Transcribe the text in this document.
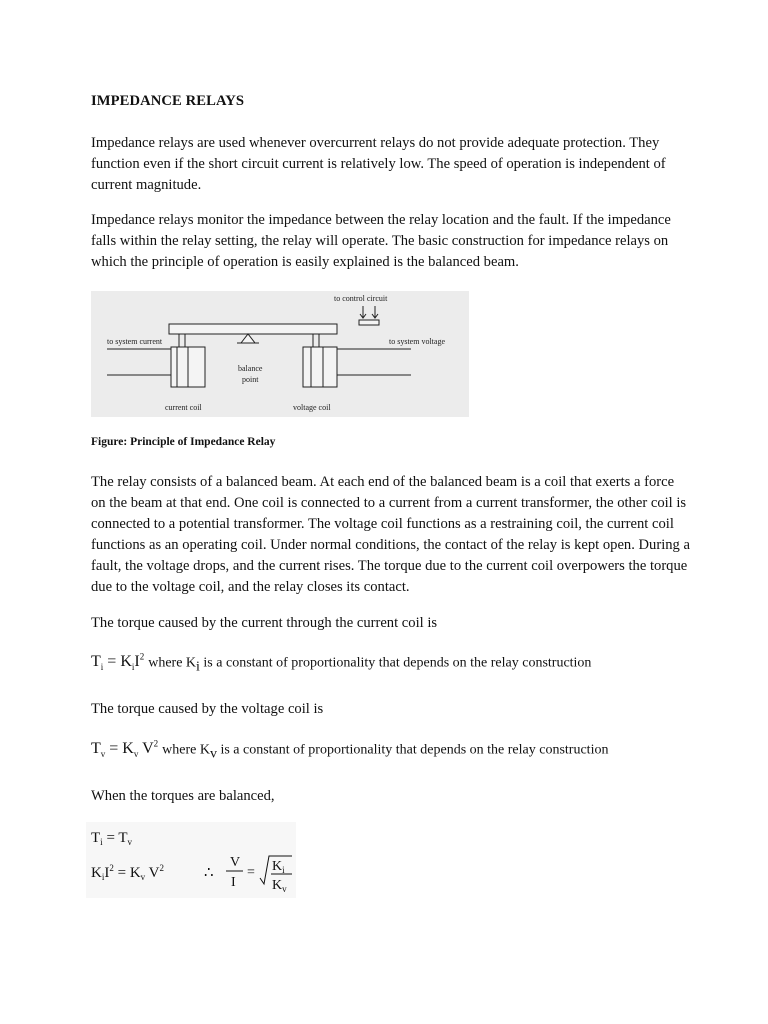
IMPEDANCE RELAYS
Impedance relays are used whenever overcurrent relays do not provide adequate protection. They function even if the short circuit current is relatively low. The speed of operation is independent of current magnitude.
Impedance relays monitor the impedance between the relay location and the fault. If the impedance falls within the relay setting, the relay will operate. The basic construction for impedance relays on which the principle of operation is easily explained is the balanced beam.
to control circuit
to system current	to system voltage
balance
point
current coil	voltage coil
Figure: Principle of Impedance Relay
The relay consists of a balanced beam. At each end of the balanced beam is a coil that exerts a force on the beam at that end. One coil is connected to a current from a current transformer, the other coil is connected to a potential transformer. The voltage coil functions as a restraining coil, the current coil functions as an operating coil. Under normal conditions, the contact of the relay is kept open. During a fault, the voltage drops, and the current rises. The torque due to the current coil overpowers the torque due to the voltage coil, and the relay closes its contact.
The torque caused by the current through the current coil is
$T_i = K_iI^2$ where $K_i$ is a constant of proportionality that depends on the relay construction
The torque caused by the voltage coil is
$T_v = K_v$ $V^2$ where $K_v$ is a constant of proportionality that depends on the relay construction
When the torques are balanced,
$T_i = T_v$
$K_iI^2 = K_v$ $V^2$	∴
V
I
= $K_i$
$K_v$
